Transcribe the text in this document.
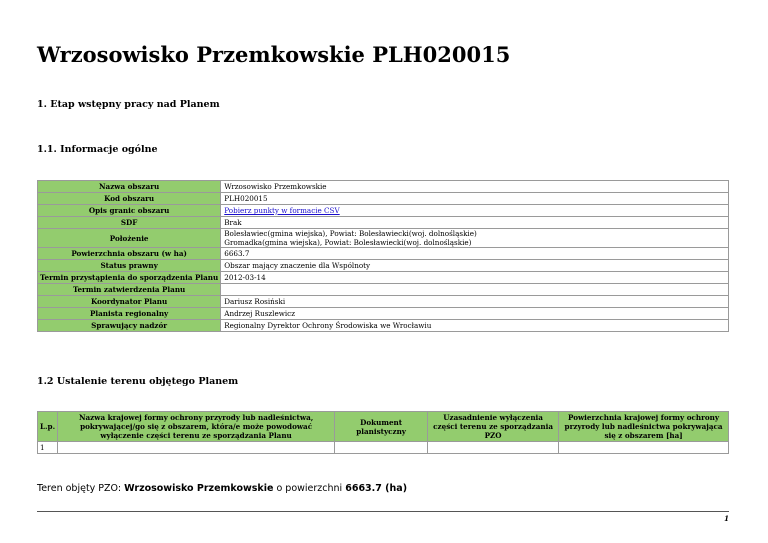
Wrzosowisko Przemkowskie PLH020015
1. Etap wstępny pracy nad Planem
1.1. Informacje ogólne
Nazwa obszaru	Wrzosowisko Przemkowskie
Kod obszaru	PLH020015
Opis granic obszaru	Pobierz punkty w formacie CSV
SDF	Brak
Położenie	Bolesławiec(gmina wiejska), Powiat: Bolesławiecki(woj. dolnośląskie)
Gromadka(gmina wiejska), Powiat: Bolesławiecki(woj. dolnośląskie)

Powierzchnia obszaru (w ha)	6663.7
Status prawny	Obszar mający znaczenie dla Wspólnoty
Termin przystąpienia do sporządzenia Planu	2012-03-14
Termin zatwierdzenia Planu	
Koordynator Planu	Dariusz Rosiński
Planista regionalny	Andrzej Ruszlewicz
Sprawujący nadzór	Regionalny Dyrektor Ochrony Środowiska we Wrocławiu
1.2 Ustalenie terenu objętego Planem
L.p.	Nazwa krajowej formy ochrony przyrody lub nadleśnictwa, pokrywającej/go się z obszarem, która/e może powodować wyłączenie części terenu ze sporządzania Planu	Dokument planistyczny	Uzasadnienie wyłączenia części terenu ze sporządzania PZO	Powierzchnia krajowej formy ochrony przyrody lub nadleśnictwa pokrywająca się z obszarem [ha]
1				
Teren objęty PZO: Wrzosowisko Przemkowskie o powierzchni 6663.7 (ha)
1
